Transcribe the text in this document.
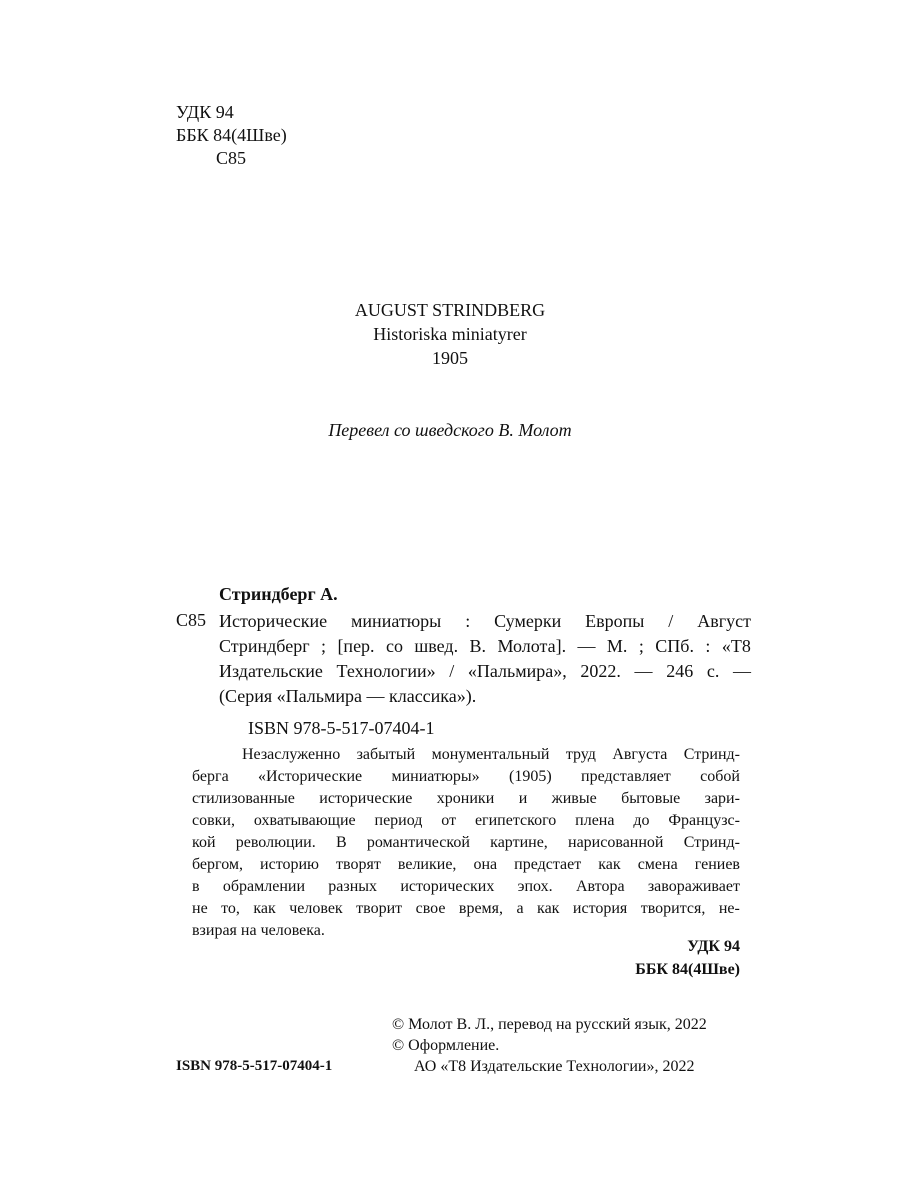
УДК 94
ББК 84(4Шве)
С85
AUGUST STRINDBERG
Historiska miniatyrer
1905
Перевел со шведского В. Молот
Стриндберг А.
С85 Исторические миниатюры : Сумерки Европы / Август
Стриндберг ; [пер. со швед. В. Молота]. — М. ; СПб. : «Т8
Издательские Технологии» / «Пальмира», 2022. — 246 с. —
(Серия «Пальмира — классика»).
ISBN 978-5-517-07404-1
Незаслуженно забытый монументальный труд Августа Стринд-
берга «Исторические миниатюры» (1905) представляет собой
стилизованные исторические хроники и живые бытовые зари-
совки, охватывающие период от египетского плена до Французс-
кой революции. В романтической картине, нарисованной Стринд-
бергом, историю творят великие, она предстает как смена гениев
в обрамлении разных исторических эпох. Автора завораживает
не то, как человек творит свое время, а как история творится, не-
взирая на человека.
УДК 94
ББК 84(4Шве)
© Молот В. Л., перевод на русский язык, 2022
© Оформление.
АО «Т8 Издательские Технологии», 2022
ISBN 978-5-517-07404-1
